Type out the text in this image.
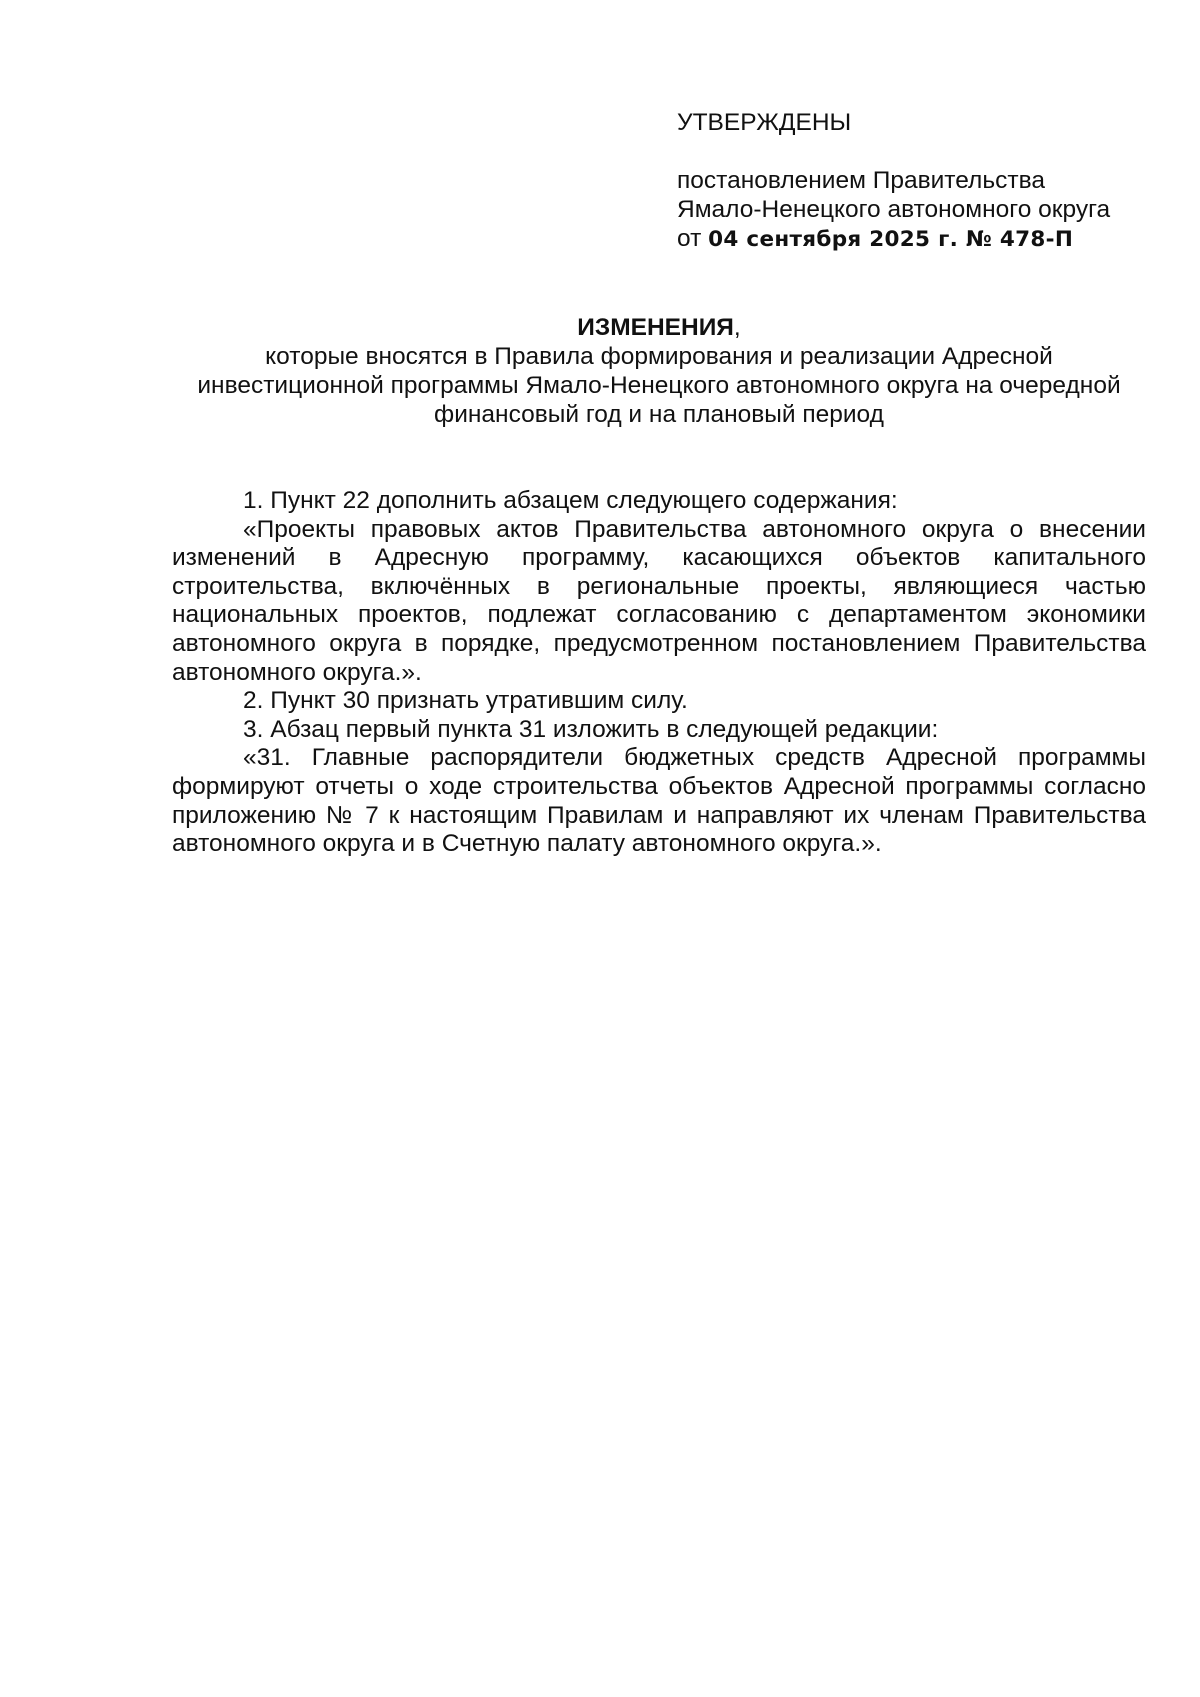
УТВЕРЖДЕНЫ
постановлением Правительства
Ямало-Ненецкого автономного округа
от 04 сентября 2025 г. № 478-П
ИЗМЕНЕНИЯ,
которые вносятся в Правила формирования и реализации Адресной инвестиционной программы Ямало-Ненецкого автономного округа на очередной финансовый год и на плановый период

1. Пункт 22 дополнить абзацем следующего содержания:

«Проекты правовых актов Правительства автономного округа о внесении изменений в Адресную программу, касающихся объектов капитального строительства, включённых в региональные проекты, являющиеся частью национальных проектов, подлежат согласованию с департаментом экономики автономного округа в порядке, предусмотренном постановлением Правительства автономного округа.».

2. Пункт 30 признать утратившим силу.

3. Абзац первый пункта 31 изложить в следующей редакции:

«31. Главные распорядители бюджетных средств Адресной программы формируют отчеты о ходе строительства объектов Адресной программы согласно приложению № 7 к настоящим Правилам и направляют их членам Правительства автономного округа и в Счетную палату автономного округа.».
